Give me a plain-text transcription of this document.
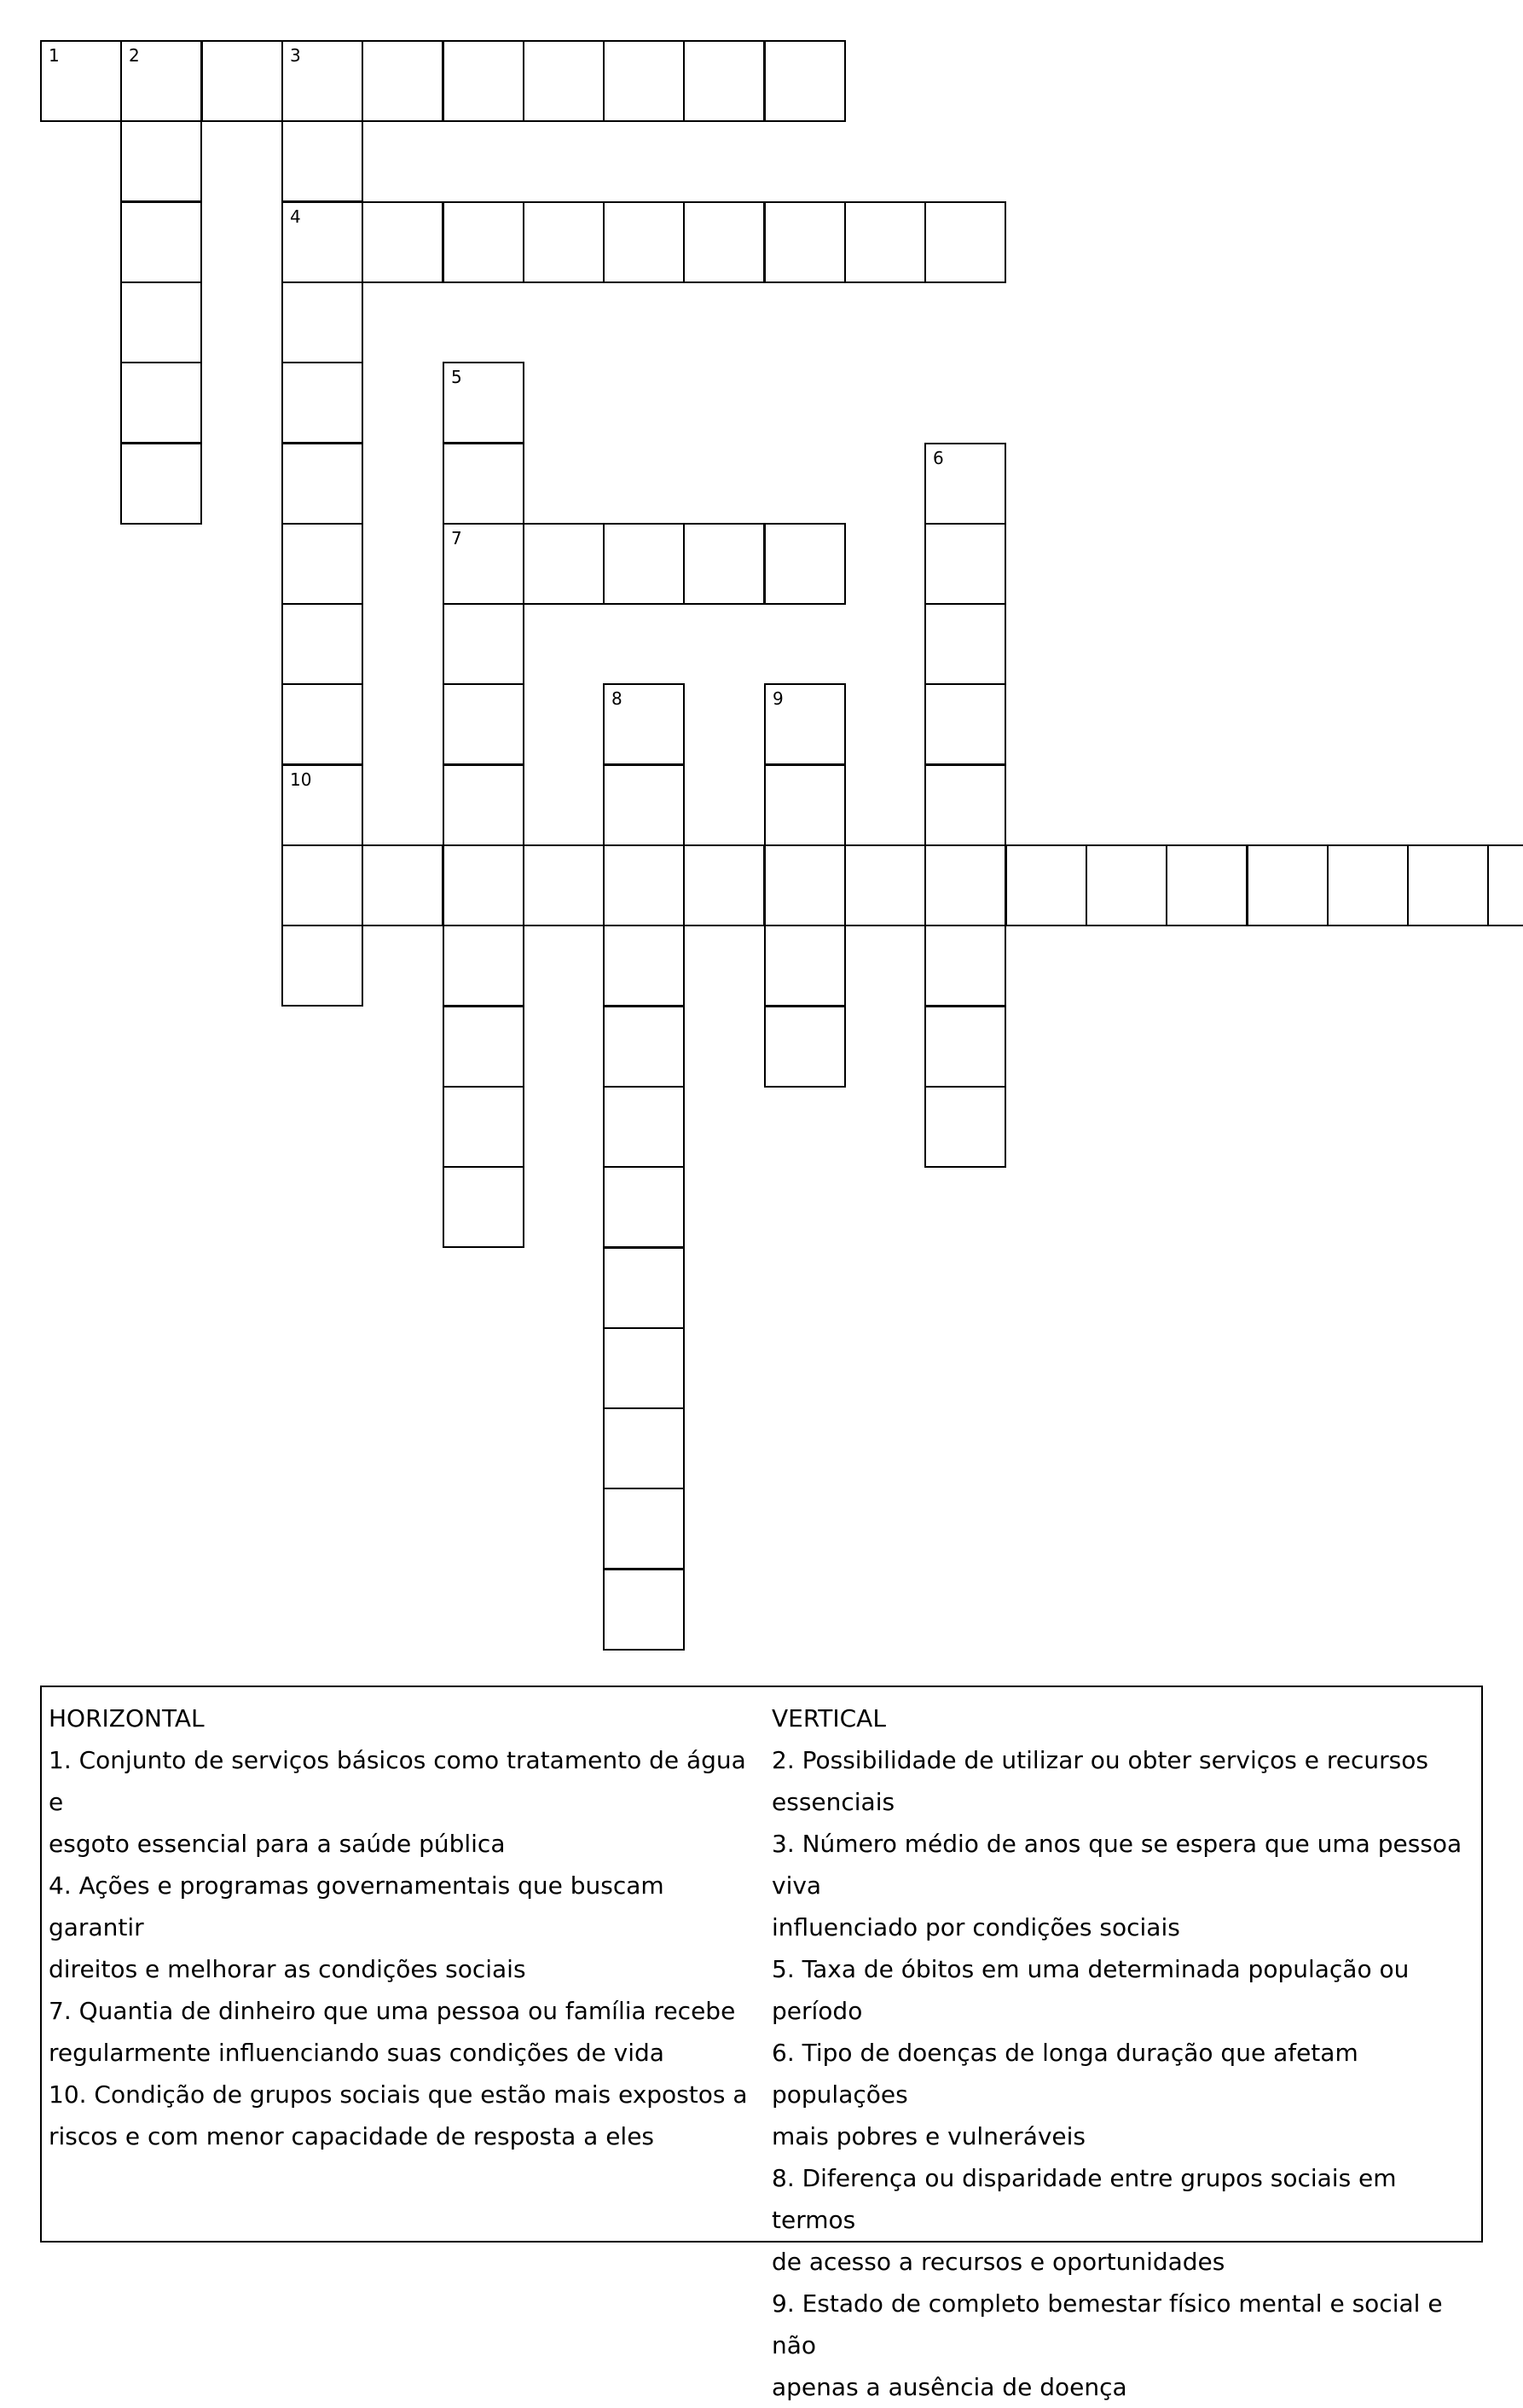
1	2	3
4
10
5
7
6
8	9
HORIZONTAL
1. Conjunto de serviços básicos como tratamento de água e
esgoto essencial para a saúde pública
4. Ações e programas governamentais que buscam garantir
direitos e melhorar as condições sociais
7. Quantia de dinheiro que uma pessoa ou família recebe
regularmente influenciando suas condições de vida
10. Condição de grupos sociais que estão mais expostos a
riscos e com menor capacidade de resposta a eles
VERTICAL
2. Possibilidade de utilizar ou obter serviços e recursos
essenciais
3. Número médio de anos que se espera que uma pessoa viva
influenciado por condições sociais
5. Taxa de óbitos em uma determinada população ou período
6. Tipo de doenças de longa duração que afetam populações
mais pobres e vulneráveis
8. Diferença ou disparidade entre grupos sociais em termos
de acesso a recursos e oportunidades
9. Estado de completo bemestar físico mental e social e não
apenas a ausência de doença
